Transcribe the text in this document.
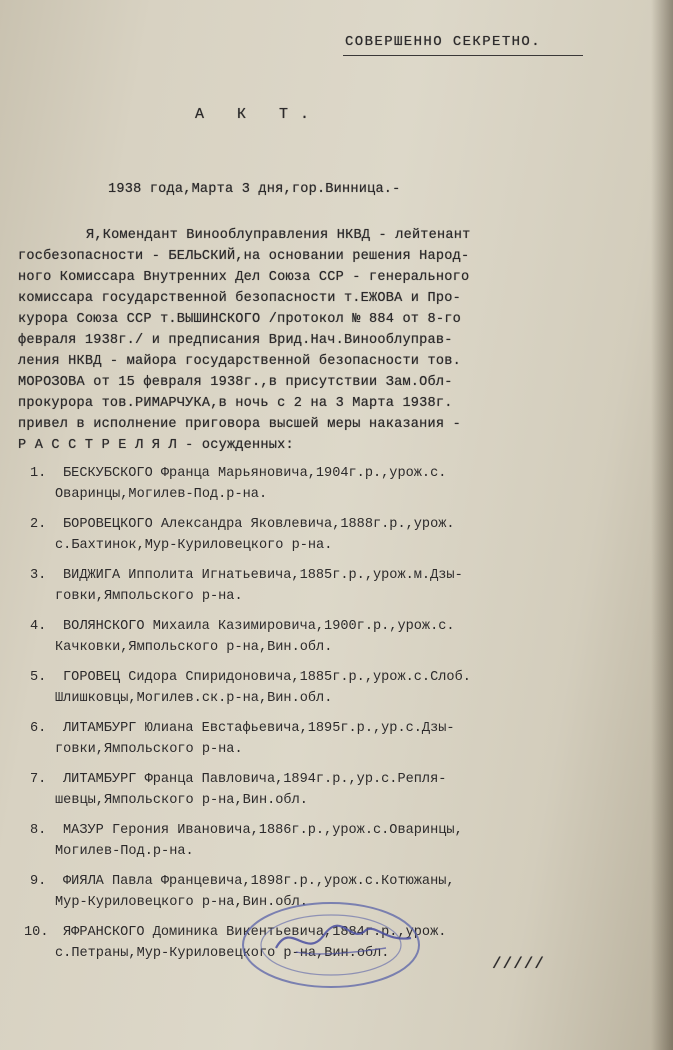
СОВЕРШЕННО СЕКРЕТНО.
А К Т.
1938 года,Марта 3 дня,гор.Винница.-
Я,Комендант Винооблуправления НКВД - лейтенант
госбезопасности - БЕЛЬСКИЙ,на основании решения Народ-
ного Комиссара Внутренних Дел Союза ССР - генерального
комиссара государственной безопасности т.ЕЖОВА и Про-
курора Союза ССР т.ВЫШИНСКОГО /протокол № 884 от 8-го
февраля 1938г./ и предписания Врид.Нач.Винооблуправ-
ления НКВД - майора государственной безопасности тов.
МОРОЗОВА от 15 февраля 1938г.,в присутствии Зам.Обл-
прокурора тов.РИМАРЧУКА,в ночь с 2 на 3 Марта 1938г.
привел в исполнение приговора высшей меры наказания -
Р А С С Т Р Е Л Я Л - осужденных:
1. БЕСКУБСКОГО Франца Марьяновича,1904г.р.,урож.с.
Оваринцы,Могилев-Под.р-на.
2. БОРОВЕЦКОГО Александра Яковлевича,1888г.р.,урож.
с.Бахтинок,Мур-Куриловецкого р-на.
3. ВИДЖИГА Ипполита Игнатьевича,1885г.р.,урож.м.Дзы-
говки,Ямпольского р-на.
4. ВОЛЯНСКОГО Михаила Казимировича,1900г.р.,урож.с.
Качковки,Ямпольского р-на,Вин.обл.
5. ГОРОВЕЦ Сидора Спиридоновича,1885г.р.,урож.с.Слоб.
Шлишковцы,Могилев.ск.р-на,Вин.обл.
6. ЛИТАМБУРГ Юлиана Евстафьевича,1895г.р.,ур.с.Дзы-
говки,Ямпольского р-на.
7. ЛИТАМБУРГ Франца Павловича,1894г.р.,ур.с.Репля-
шевцы,Ямпольского р-на,Вин.обл.
8. МАЗУР Герония Ивановича,1886г.р.,урож.с.Оваринцы,
Могилев-Под.р-на.
9. ФИЯЛА Павла Францевича,1898г.р.,урож.с.Котюжаны,
Мур-Куриловецкого р-на,Вин.обл.
10. ЯФРАНСКОГО Доминика Викентьевича,1884г.р.,урож.
с.Петраны,Мур-Куриловецкого р-на,Вин.обл.
/////
